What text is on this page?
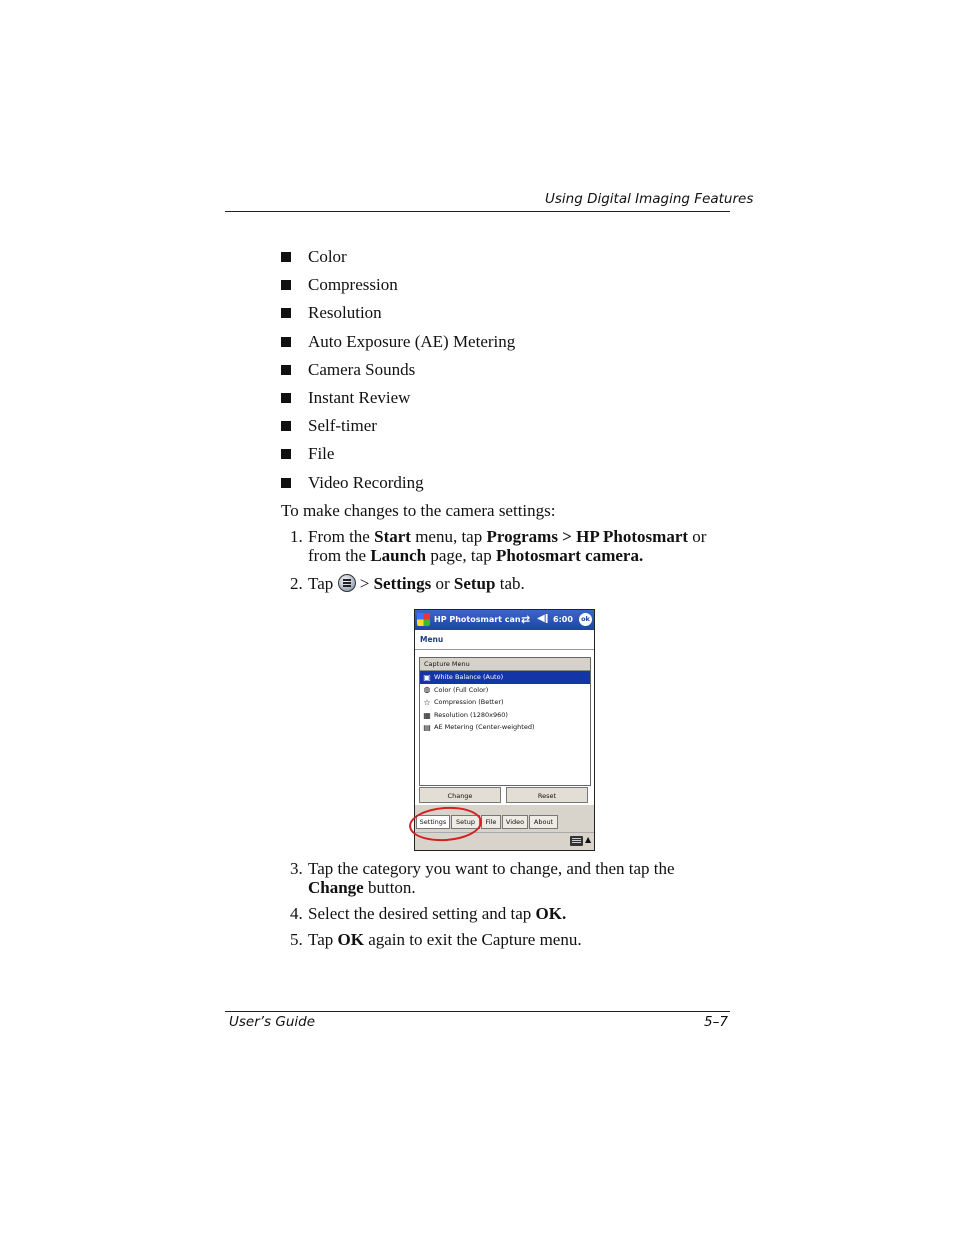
Using Digital Imaging Features
Color
Compression
Resolution
Auto Exposure (AE) Metering
Camera Sounds
Instant Review
Self-timer
File
Video Recording
To make changes to the camera settings:
1. From the Start menu, tap Programs > HP Photosmart or
from the Launch page, tap Photosmart camera.
2. Tap  > Settings or Setup tab.
HP Photosmart can ⇄ ◀ǀ 6:00	ok
Menu
Capture Menu
▣ White Balance (Auto)
◍ Color (Full Color)
☆ Compression (Better)
▦ Resolution (1280x960)
▤ AE Metering (Center-weighted)
Change	Reset
Settings	Setup	File	Video	About
▲
3. Tap the category you want to change, and then tap the
Change button.
4. Select the desired setting and tap OK.
5. Tap OK again to exit the Capture menu.
User’s Guide	5–7
